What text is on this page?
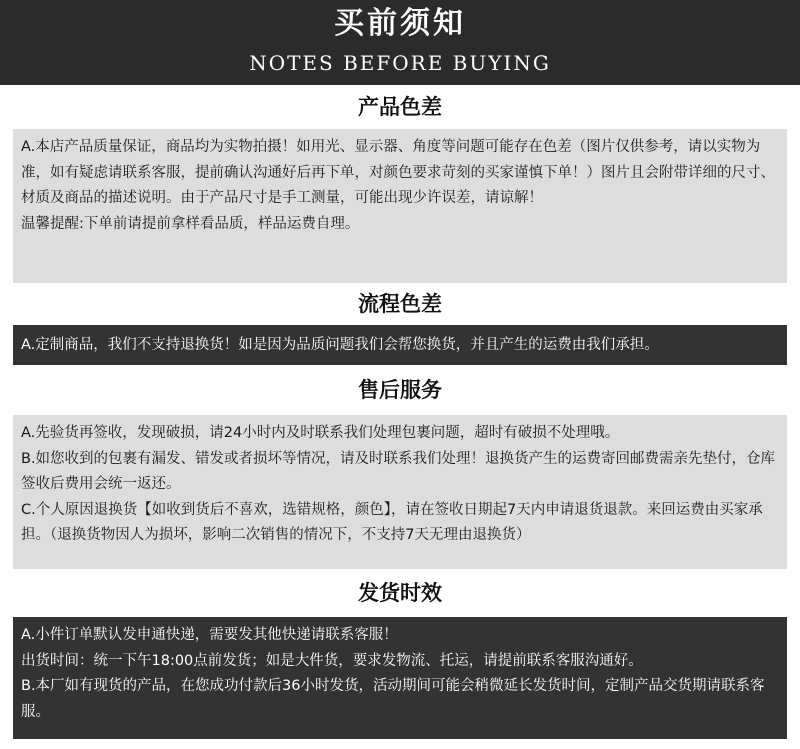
买前须知
NOTES BEFORE BUYING
产品色差

A.本店产品质量保证，商品均为实物拍摄！如用光、显示器、角度等问题可能存在色差（图片仅供参考，请以实物为准，如有疑虑请联系客服，提前确认沟通好后再下单，对颜色要求苛刻的买家谨慎下单！）图片且会附带详细的尺寸、材质及商品的描述说明。由于产品尺寸是手工测量，可能出现少许误差，请谅解！

温馨提醒:下单前请提前拿样看品质，样品运费自理。

流程色差

A.定制商品，我们不支持退换货！如是因为品质问题我们会帮您换货，并且产生的运费由我们承担。

售后服务

A.先验货再签收，发现破损，请24小时内及时联系我们处理包裹问题，超时有破损不处理哦。

B.如您收到的包裹有漏发、错发或者损坏等情况，请及时联系我们处理！退换货产生的运费寄回邮费需亲先垫付，仓库签收后费用会统一返还。

C.个人原因退换货【如收到货后不喜欢，选错规格，颜色】，请在签收日期起7天内申请退货退款。来回运费由买家承担。（退换货物因人为损坏，影响二次销售的情况下，不支持7天无理由退换货）

发货时效

A.小件订单默认发申通快递，需要发其他快递请联系客服！

出货时间：统一下午18:00点前发货；如是大件货，要求发物流、托运，请提前联系客服沟通好。

B.本厂如有现货的产品，在您成功付款后36小时发货，活动期间可能会稍微延长发货时间，定制产品交货期请联系客服。
